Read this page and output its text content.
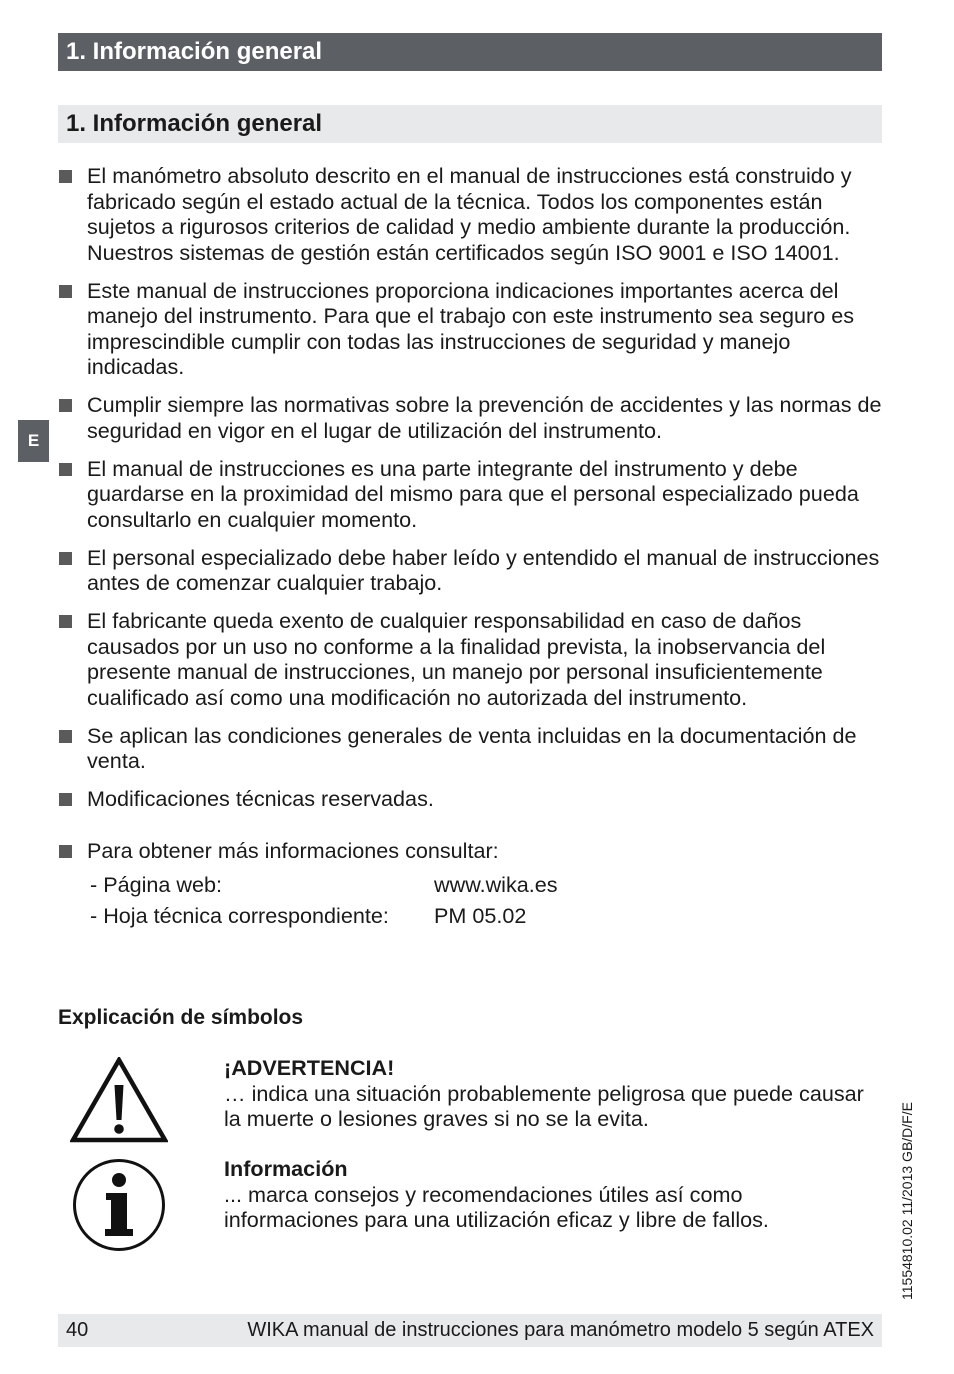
1. Información general
1. Información general
E
El manómetro absoluto descrito en el manual de instrucciones está construido y fabricado según el estado actual de la técnica. Todos los componentes están sujetos a rigurosos criterios de calidad y medio ambiente durante la producción. Nuestros sistemas de gestión están certificados según ISO 9001 e ISO 14001.
Este manual de instrucciones proporciona indicaciones importantes acerca del manejo del instrumento. Para que el trabajo con este instrumento sea seguro es imprescindible cumplir con todas las instrucciones de seguridad y manejo indicadas.
Cumplir siempre las normativas sobre la prevención de accidentes y las normas de seguridad en vigor en el lugar de utilización del instrumento.
El manual de instrucciones es una parte integrante del instrumento y debe guardarse en la proximidad del mismo para que el personal especializado pueda consultarlo en cualquier momento.
El personal especializado debe haber leído y entendido el manual de instrucciones antes de comenzar cualquier trabajo.
El fabricante queda exento de cualquier responsabilidad en caso de daños causados por un uso no conforme a la finalidad prevista, la inobservancia del presente manual de instrucciones, un manejo por personal insuficientemente cualificado así como una modificación no autorizada del instrumento.
Se aplican las condiciones generales de venta incluidas en la documentación de venta.
Modificaciones técnicas reservadas.
Para obtener más informaciones consultar:
- Página web:	www.wika.es
- Hoja técnica correspondiente:	PM 05.02
Explicación de símbolos
¡ADVERTENCIA!
… indica una situación probablemente peligrosa que puede causar la muerte o lesiones graves si no se la evita.
Información
... marca consejos y recomendaciones útiles así como informaciones para una utilización eficaz y libre de fallos.	11554810.02 11/2013 GB/D/F/E
40	WIKA manual de instrucciones para manómetro modelo 5 según ATEX
